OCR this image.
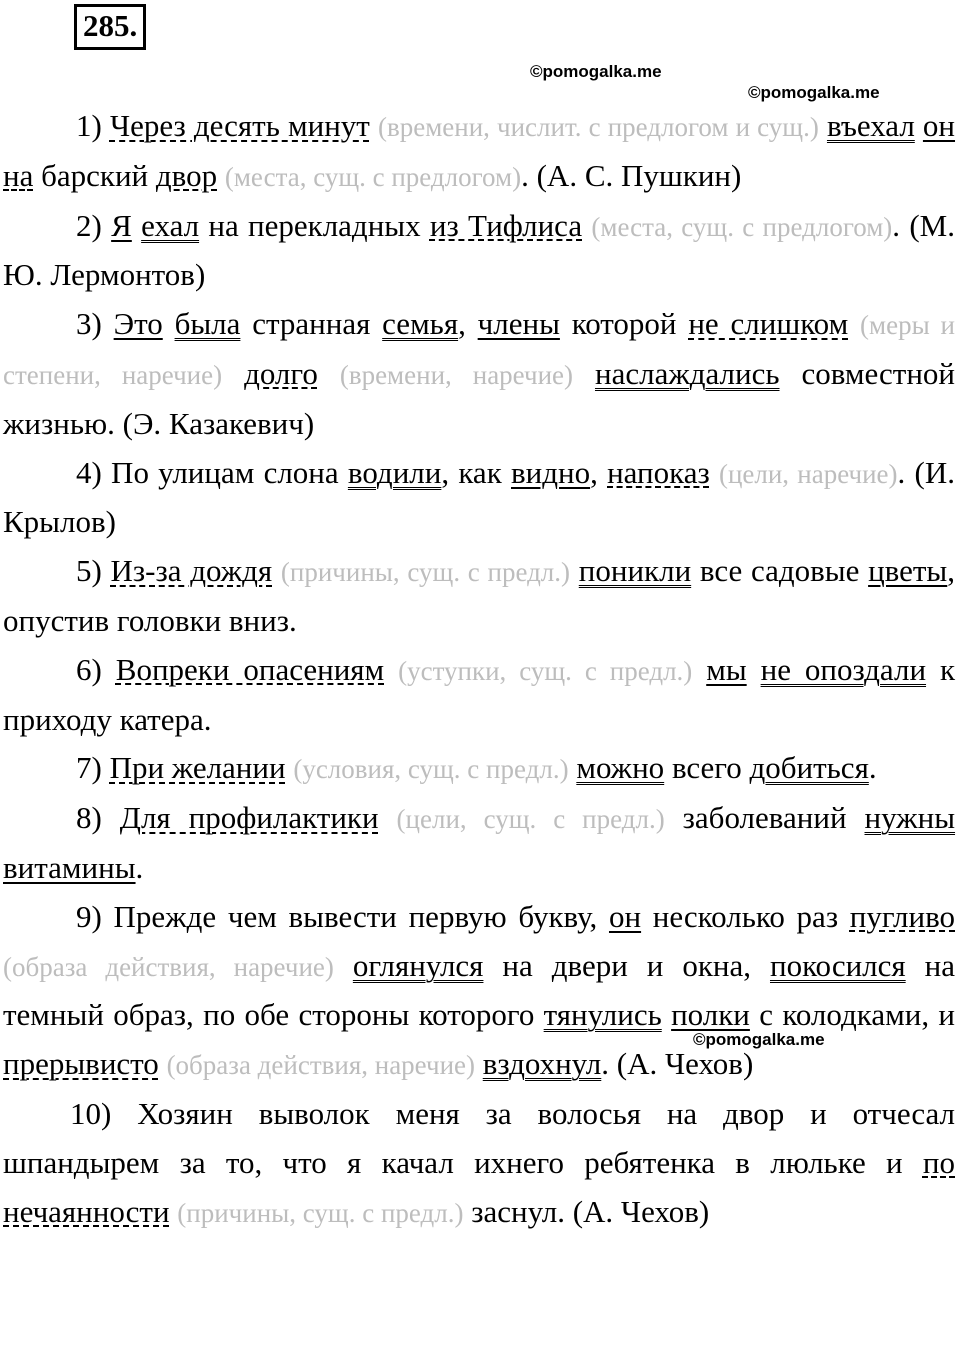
285.
©pomogalka.me
©pomogalka.me

1) Через десять минут (времени, числит. с предлогом и сущ.) въехал он на барский двор (места, сущ. с предлогом). (А. С. Пушкин)

2) Я ехал на перекладных из Тифлиса (места, сущ. с предлогом). (М. Ю. Лермонтов)

3) Это была странная семья, члены которой не слишком (меры и степени, наречие) долго (времени, наречие) наслаждались совместной жизнью. (Э. Казакевич)

4) По улицам слона водили, как видно, напоказ (цели, наречие). (И. Крылов)

5) Из-за дождя (причины, сущ. с предл.) поникли все садовые цветы, опустив головки вниз.

6) Вопреки опасениям (уступки, сущ. с предл.) мы не опоздали к приходу катера.

7) При желании (условия, сущ. с предл.) можно всего добиться.

8) Для профилактики (цели, сущ. с предл.) заболеваний нужны витамины.

9) Прежде чем вывести первую букву, он несколько раз пугливо (образа действия, наречие) оглянулся на двери и окна, покосился на темный образ, по обе стороны которого тянулись полки с колодками, и прерывисто (образа действия, наречие) вздохнул. (А. Чехов)

10) Хозяин выволок меня за волосья на двор и отчесал шпандырем за то, что я качал ихнего ребятенка в люльке и по нечаянности (причины, сущ. с предл.) заснул. (А. Чехов)

©pomogalka.me
